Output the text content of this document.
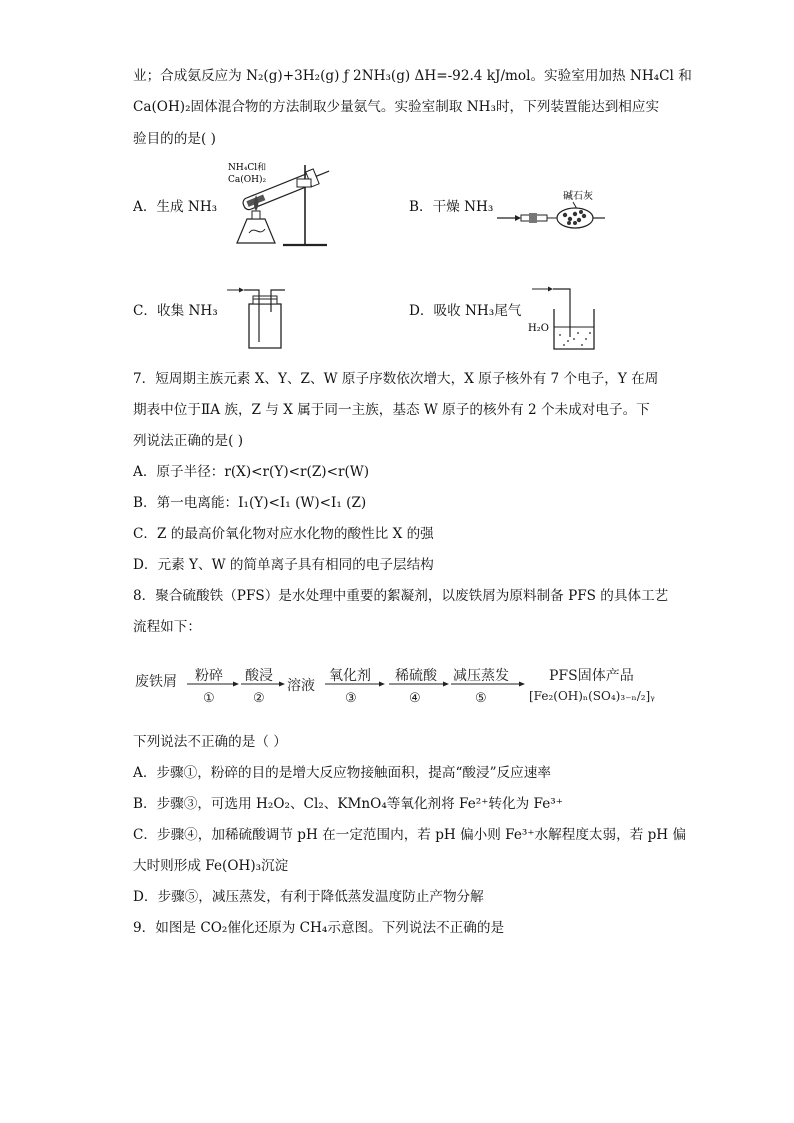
业；合成氨反应为 N₂(g)+3H₂(g) ƒ 2NH₃(g) ΔH=-92.4 kJ/mol。实验室用加热 NH₄Cl 和
Ca(OH)₂固体混合物的方法制取少量氨气。实验室制取 NH₃时，下列装置能达到相应实
验目的的是( )
A．生成 NH₃
NH₄Cl和
Ca(OH)₂
B．干燥 NH₃
碱石灰
C．收集 NH₃	D．吸收 NH₃尾气
H₂O
7．短周期主族元素 X、Y、Z、W 原子序数依次增大，X 原子核外有 7 个电子，Y 在周
期表中位于ⅡA 族，Z 与 X 属于同一主族，基态 W 原子的核外有 2 个未成对电子。下
列说法正确的是( )
A．原子半径：r(X)<r(Y)<r(Z)<r(W)
B．第一电离能：I₁(Y)<I₁ (W)<I₁ (Z)
C．Z 的最高价氧化物对应水化物的酸性比 X 的强
D．元素 Y、W 的简单离子具有相同的电子层结构
8．聚合硫酸铁（PFS）是水处理中重要的絮凝剂，以废铁屑为原料制备 PFS 的具体工艺
流程如下：
废铁屑 粉碎
①
酸浸
②
溶液
氧化剂
③
稀硫酸
④
减压蒸发
⑤
PFS固体产品
[Fe₂(OH)ₙ(SO₄)₃₋ₙ/₂]ᵧ
下列说法不正确的是（ ）
A．步骤①，粉碎的目的是增大反应物接触面积，提高“酸浸”反应速率
B．步骤③，可选用 H₂O₂、Cl₂、KMnO₄等氧化剂将 Fe²⁺转化为 Fe³⁺
C．步骤④，加稀硫酸调节 pH 在一定范围内，若 pH 偏小则 Fe³⁺水解程度太弱，若 pH 偏
大时则形成 Fe(OH)₃沉淀
D．步骤⑤，减压蒸发，有利于降低蒸发温度防止产物分解
9．如图是 CO₂催化还原为 CH₄示意图。下列说法不正确的是
